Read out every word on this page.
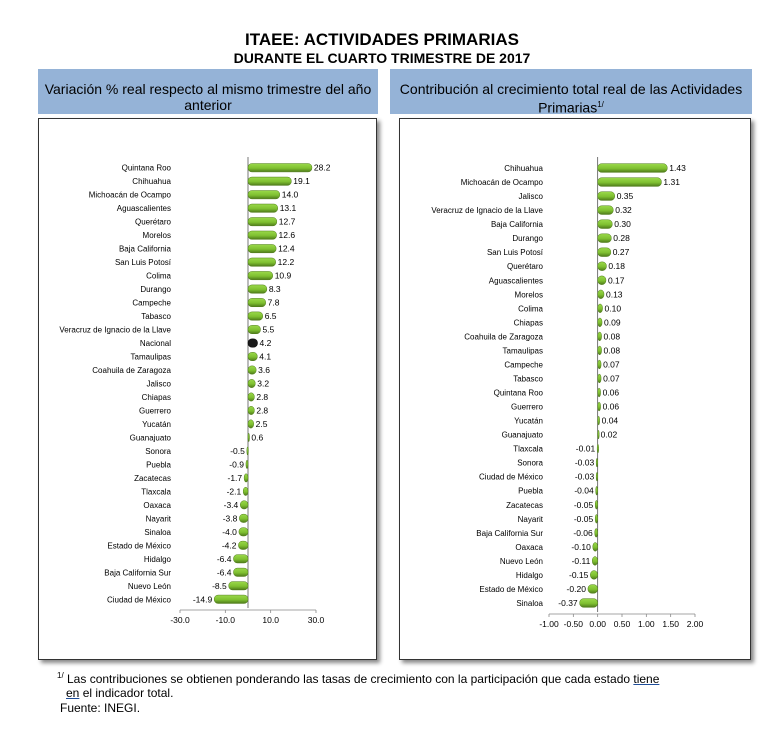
ITAEE: ACTIVIDADES PRIMARIAS
DURANTE EL CUARTO TRIMESTRE DE 2017
Variación % real respecto al mismo trimestre del año anterior
Contribución al crecimiento total real de las Actividades Primarias$^{1/}$
Quintana Roo	28.2
Chihuahua	19.1
Michoacán de Ocampo	14.0
Aguascalientes	13.1
Querétaro	12.7
Morelos	12.6
Baja California	12.4
San Luis Potosí	12.2
Colima	10.9
Durango	8.3
Campeche	7.8
Tabasco	6.5
Veracruz de Ignacio de la Llave	5.5
Nacional	4.2
Tamaulipas	4.1
Coahuila de Zaragoza	3.6
Jalisco	3.2
Chiapas	2.8
Guerrero	2.8
Yucatán	2.5
Guanajuato	0.6
Sonora	-0.5
Puebla	-0.9
Zacatecas	-1.7
Tlaxcala	-2.1
Oaxaca	-3.4
Nayarit	-3.8
Sinaloa	-4.0
Estado de México	-4.2
Hidalgo	-6.4
Baja California Sur	-6.4
Nuevo León	-8.5
Ciudad de México	-14.9
-30.0	-10.0	10.0	30.0
Chihuahua	1.43
Michoacán de Ocampo	1.31
Jalisco	0.35
Veracruz de Ignacio de la Llave	0.32
Baja California	0.30
Durango	0.28
San Luis Potosí	0.27
Querétaro	0.18
Aguascalientes	0.17
Morelos	0.13
Colima	0.10
Chiapas	0.09
Coahuila de Zaragoza	0.08
Tamaulipas	0.08
Campeche	0.07
Tabasco	0.07
Quintana Roo	0.06
Guerrero	0.06
Yucatán	0.04
Guanajuato	0.02
Tlaxcala	-0.01
Sonora	-0.03
Ciudad de México	-0.03
Puebla	-0.04
Zacatecas	-0.05
Nayarit	-0.05
Baja California Sur	-0.06
Oaxaca	-0.10
Nuevo León	-0.11
Hidalgo	-0.15
Estado de México	-0.20
Sinaloa -0.37
-1.00 -0.50 0.00 0.50 1.00 1.50 2.00
$^{1/}$ Las contribuciones se obtienen ponderando las tasas de crecimiento con la participación que cada estado tiene
en el indicador total.
Fuente: INEGI.
